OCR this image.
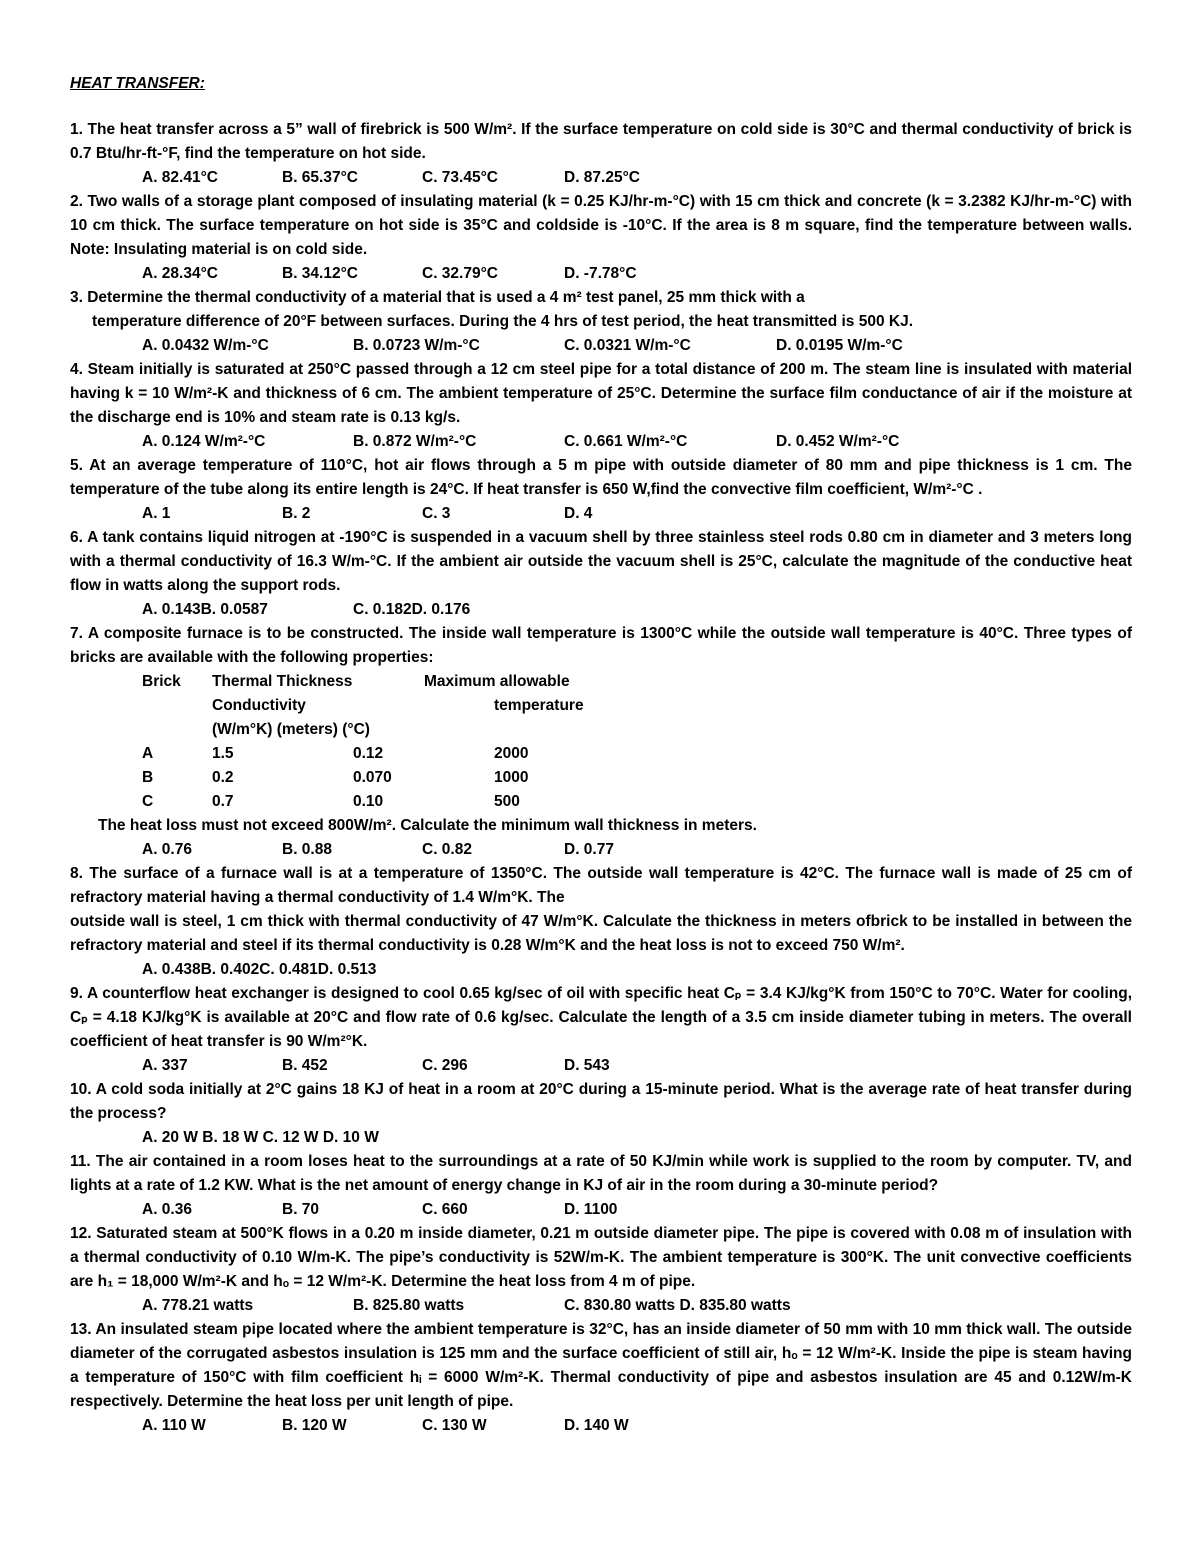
HEAT TRANSFER:
1. The heat transfer across a 5” wall of firebrick is 500 W/m². If the surface temperature on cold side is 30°C and thermal conductivity of brick is 0.7 Btu/hr-ft-°F, find the temperature on hot side.
A. 82.41°C	B. 65.37°C	C. 73.45°C	D. 87.25°C
2. Two walls of a storage plant composed of insulating material (k = 0.25 KJ/hr-m-°C) with 15 cm thick and concrete (k = 3.2382 KJ/hr-m-°C) with 10 cm thick. The surface temperature on hot side is 35°C and coldside is -10°C. If the area is 8 m square, find the temperature between walls. Note: Insulating material is on cold side.
A. 28.34°C	B. 34.12°C	C. 32.79°C	D. -7.78°C
3. Determine the thermal conductivity of a material that is used a 4 m² test panel, 25 mm thick with a
temperature difference of 20°F between surfaces. During the 4 hrs of test period, the heat transmitted is 500 KJ.
A. 0.0432 W/m-°C	B. 0.0723 W/m-°C	C. 0.0321 W/m-°C	D. 0.0195 W/m-°C
4. Steam initially is saturated at 250°C passed through a 12 cm steel pipe for a total distance of 200 m. The steam line is insulated with material having k = 10 W/m²-K and thickness of 6 cm. The ambient temperature of 25°C. Determine the surface film conductance of air if the moisture at the discharge end is 10% and steam rate is 0.13 kg/s.
A. 0.124 W/m²-°C	B. 0.872 W/m²-°C	C. 0.661 W/m²-°C	D. 0.452 W/m²-°C
5. At an average temperature of 110°C, hot air flows through a 5 m pipe with outside diameter of 80 mm and pipe thickness is 1 cm. The temperature of the tube along its entire length is 24°C. If heat transfer is 650 W,find the convective film coefficient, W/m²-°C .
A. 1	B. 2	C. 3	D. 4
6. A tank contains liquid nitrogen at -190°C is suspended in a vacuum shell by three stainless steel rods 0.80 cm in diameter and 3 meters long with a thermal conductivity of 16.3 W/m-°C. If the ambient air outside the vacuum shell is 25°C, calculate the magnitude of the conductive heat flow in watts along the support rods.
A. 0.143B. 0.0587	C. 0.182D. 0.176
7. A composite furnace is to be constructed. The inside wall temperature is 1300°C while the outside wall temperature is 40°C. Three types of bricks are available with the following properties:
Brick Thermal Thickness	Maximum allowable
Conductivity	temperature
(W/m°K) (meters) (°C)
A	1.5	0.12	2000
B	0.2	0.070	1000
C	0.7	0.10	500
The heat loss must not exceed 800W/m². Calculate the minimum wall thickness in meters.
A. 0.76	B. 0.88	C. 0.82	D. 0.77
8. The surface of a furnace wall is at a temperature of 1350°C. The outside wall temperature is 42°C. The furnace wall is made of 25 cm of refractory material having a thermal conductivity of 1.4 W/m°K. The
outside wall is steel, 1 cm thick with thermal conductivity of 47 W/m°K. Calculate the thickness in meters ofbrick to be installed in between the refractory material and steel if its thermal conductivity is 0.28 W/m°K and the heat loss is not to exceed 750 W/m².
A. 0.438B. 0.402C. 0.481D. 0.513
9. A counterflow heat exchanger is designed to cool 0.65 kg/sec of oil with specific heat Cₚ = 3.4 KJ/kg°K from 150°C to 70°C. Water for cooling, Cₚ = 4.18 KJ/kg°K is available at 20°C and flow rate of 0.6 kg/sec. Calculate the length of a 3.5 cm inside diameter tubing in meters. The overall coefficient of heat transfer is 90 W/m²°K.
A. 337	B. 452	C. 296	D. 543
10. A cold soda initially at 2°C gains 18 KJ of heat in a room at 20°C during a 15-minute period. What is the average rate of heat transfer during the process?
A. 20 W B. 18 W C. 12 W D. 10 W
11. The air contained in a room loses heat to the surroundings at a rate of 50 KJ/min while work is supplied to the room by computer. TV, and lights at a rate of 1.2 KW. What is the net amount of energy change in KJ of air in the room during a 30-minute period?
A. 0.36	B. 70	C. 660	D. 1100
12. Saturated steam at 500°K flows in a 0.20 m inside diameter, 0.21 m outside diameter pipe. The pipe is covered with 0.08 m of insulation with a thermal conductivity of 0.10 W/m-K. The pipe’s conductivity is 52W/m-K. The ambient temperature is 300°K. The unit convective coefficients are h₁ = 18,000 W/m²-K and hₒ = 12 W/m²-K. Determine the heat loss from 4 m of pipe.
A. 778.21 watts	B. 825.80 watts	C. 830.80 watts D. 835.80 watts
13. An insulated steam pipe located where the ambient temperature is 32°C, has an inside diameter of 50 mm with 10 mm thick wall. The outside diameter of the corrugated asbestos insulation is 125 mm and the surface coefficient of still air, hₒ = 12 W/m²-K. Inside the pipe is steam having a temperature of 150°C with film coefficient hᵢ = 6000 W/m²-K. Thermal conductivity of pipe and asbestos insulation are 45 and 0.12W/m-K respectively. Determine the heat loss per unit length of pipe.
A. 110 W	B. 120 W	C. 130 W	D. 140 W
